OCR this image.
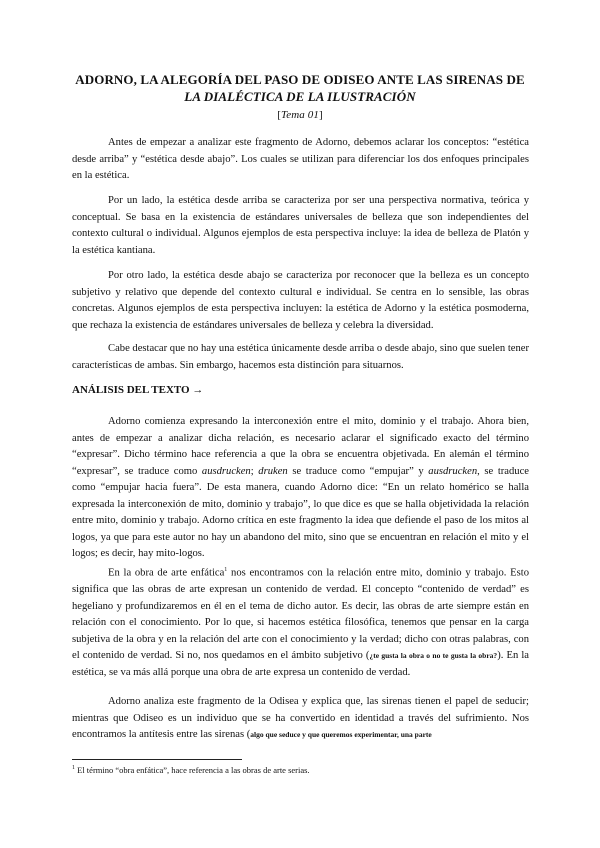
ADORNO, LA ALEGORÍA DEL PASO DE ODISEO ANTE LAS SIRENAS DE
LA DIALÉCTICA DE LA ILUSTRACIÓN
[Tema 01]

Antes de empezar a analizar este fragmento de Adorno, debemos aclarar los conceptos: “estética desde arriba” y “estética desde abajo”. Los cuales se utilizan para diferenciar los dos enfoques principales en la estética.

Por un lado, la estética desde arriba se caracteriza por ser una perspectiva normativa, teórica y conceptual. Se basa en la existencia de estándares universales de belleza que son independientes del contexto cultural o individual. Algunos ejemplos de esta perspectiva incluye: la idea de belleza de Platón y la estética kantiana.

Por otro lado, la estética desde abajo se caracteriza por reconocer que la belleza es un concepto subjetivo y relativo que depende del contexto cultural e individual. Se centra en lo sensible, las obras concretas. Algunos ejemplos de esta perspectiva incluyen: la estética de Adorno y la estética posmoderna, que rechaza la existencia de estándares universales de belleza y celebra la diversidad.

Cabe destacar que no hay una estética únicamente desde arriba o desde abajo, sino que suelen tener características de ambas. Sin embargo, hacemos esta distinción para situarnos.

ANÁLISIS DEL TEXTO →

Adorno comienza expresando la interconexión entre el mito, dominio y el trabajo. Ahora bien, antes de empezar a analizar dicha relación, es necesario aclarar el significado exacto del término “expresar”. Dicho término hace referencia a que la obra se encuentra objetivada. En alemán el término “expresar”, se traduce como ausdrucken; druken se traduce como “empujar” y ausdrucken, se traduce como “empujar hacia fuera”. De esta manera, cuando Adorno dice: “En un relato homérico se halla expresada la interconexión de mito, dominio y trabajo”, lo que dice es que se halla objetividada la relación entre mito, dominio y trabajo. Adorno crítica en este fragmento la idea que defiende el paso de los mitos al logos, ya que para este autor no hay un abandono del mito, sino que se encuentran en relación el mito y el logos; es decir, hay mito-logos.

En la obra de arte enfática$^1$ nos encontramos con la relación entre mito, dominio y trabajo. Esto significa que las obras de arte expresan un contenido de verdad. El concepto “contenido de verdad” es hegeliano y profundizaremos en él en el tema de dicho autor. Es decir, las obras de arte siempre están en relación con el conocimiento. Por lo que, si hacemos estética filosófica, tenemos que pensar en la carga subjetiva de la obra y en la relación del arte con el conocimiento y la verdad; dicho con otras palabras, con el contenido de verdad. Si no, nos quedamos en el ámbito subjetivo (¿te gusta la obra o no te gusta la obra?). En la estética, se va más allá porque una obra de arte expresa un contenido de verdad.

Adorno analiza este fragmento de la Odisea y explica que, las sirenas tienen el papel de seducir; mientras que Odiseo es un individuo que se ha convertido en identidad a través del sufrimiento. Nos encontramos la antítesis entre las sirenas (algo que seduce y que queremos experimentar, una parte

$^1$ El término “obra enfática”, hace referencia a las obras de arte serias.
